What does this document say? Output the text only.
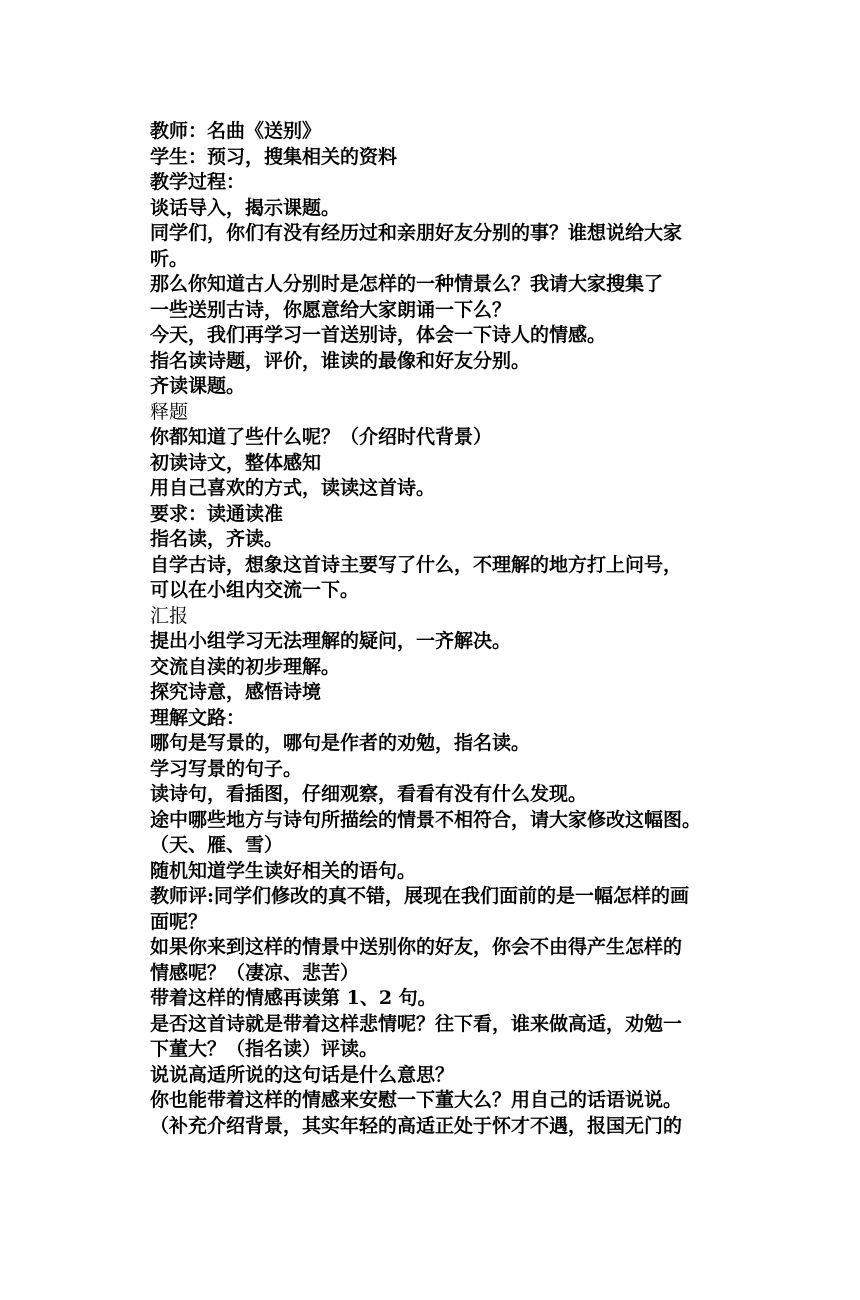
教师：名曲《送别》
学生：预习，搜集相关的资料
教学过程：
谈话导入，揭示课题。
同学们，你们有没有经历过和亲朋好友分别的事？谁想说给大家
听。
那么你知道古人分别时是怎样的一种情景么？我请大家搜集了
一些送别古诗，你愿意给大家朗诵一下么？
今天，我们再学习一首送别诗，体会一下诗人的情感。
指名读诗题，评价，谁读的最像和好友分别。
齐读课题。
释题
你都知道了些什么呢？（介绍时代背景）
初读诗文，整体感知
用自己喜欢的方式，读读这首诗。
要求：读通读准
指名读，齐读。
自学古诗，想象这首诗主要写了什么，不理解的地方打上问号，
可以在小组内交流一下。
汇报
提出小组学习无法理解的疑问，一齐解决。
交流自渎的初步理解。
探究诗意，感悟诗境
理解文路：
哪句是写景的，哪句是作者的劝勉，指名读。
学习写景的句子。
读诗句，看插图，仔细观察，看看有没有什么发现。
途中哪些地方与诗句所描绘的情景不相符合，请大家修改这幅图。
（天、雁、雪）
随机知道学生读好相关的语句。
教师评:同学们修改的真不错，展现在我们面前的是一幅怎样的画
面呢？
如果你来到这样的情景中送别你的好友，你会不由得产生怎样的
情感呢？（凄凉、悲苦）
带着这样的情感再读第 1、2 句。
是否这首诗就是带着这样悲情呢？往下看，谁来做高适，劝勉一
下董大？（指名读）评读。
说说高适所说的这句话是什么意思？
你也能带着这样的情感来安慰一下董大么？用自己的话语说说。
（补充介绍背景，其实年轻的高适正处于怀才不遇，报国无门的
